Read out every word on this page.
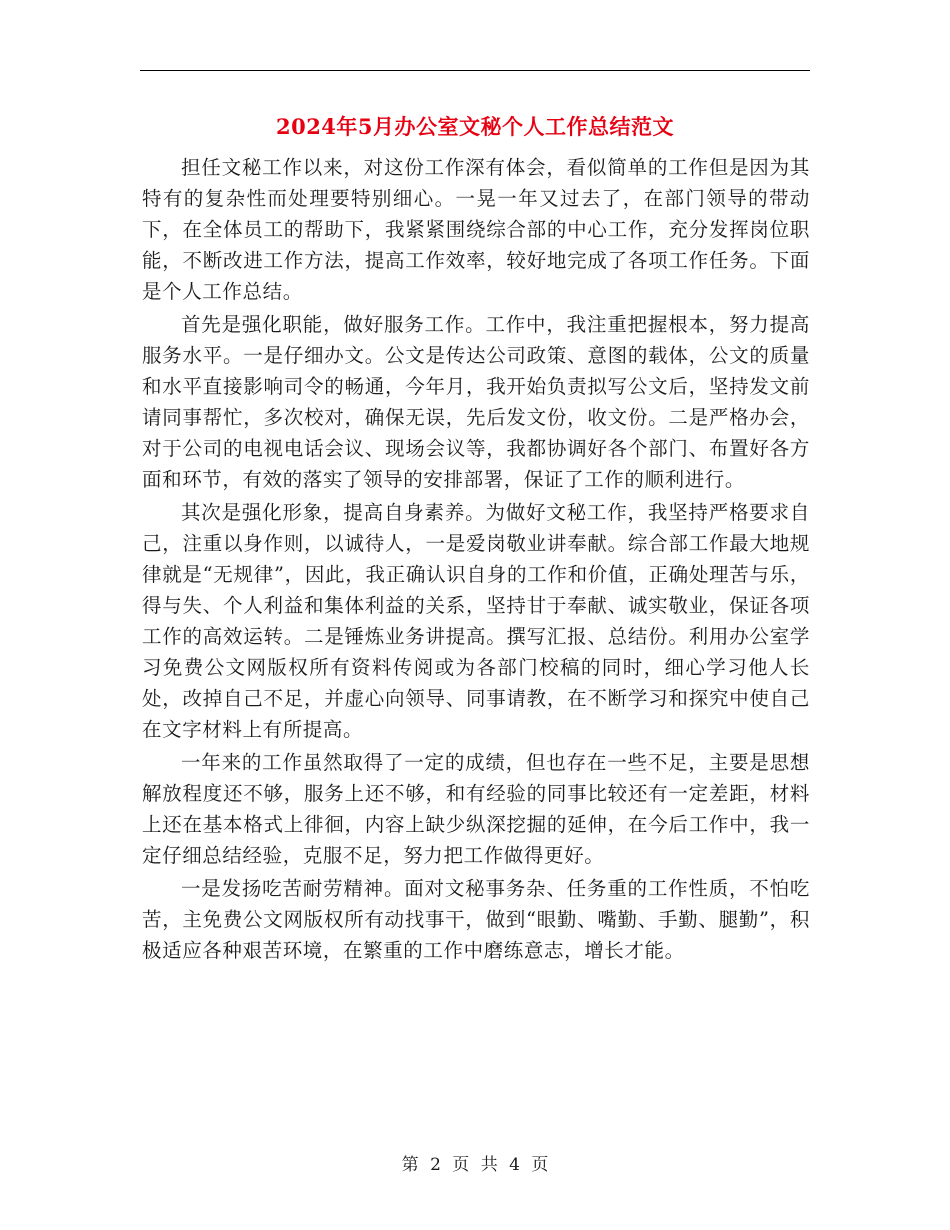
2024年5月办公室文秘个人工作总结范文

担任文秘工作以来，对这份工作深有体会，看似简单的工作但是因为其特有的复杂性而处理要特别细心。一晃一年又过去了，在部门领导的带动下，在全体员工的帮助下，我紧紧围绕综合部的中心工作，充分发挥岗位职能，不断改进工作方法，提高工作效率，较好地完成了各项工作任务。下面是个人工作总结。

首先是强化职能，做好服务工作。工作中，我注重把握根本，努力提高服务水平。一是仔细办文。公文是传达公司政策、意图的载体，公文的质量和水平直接影响司令的畅通，今年月，我开始负责拟写公文后，坚持发文前请同事帮忙，多次校对，确保无误，先后发文份，收文份。二是严格办会，对于公司的电视电话会议、现场会议等，我都协调好各个部门、布置好各方面和环节，有效的落实了领导的安排部署，保证了工作的顺利进行。

其次是强化形象，提高自身素养。为做好文秘工作，我坚持严格要求自己，注重以身作则，以诚待人，一是爱岗敬业讲奉献。综合部工作最大地规律就是“无规律”，因此，我正确认识自身的工作和价值，正确处理苦与乐，得与失、个人利益和集体利益的关系，坚持甘于奉献、诚实敬业，保证各项工作的高效运转。二是锤炼业务讲提高。撰写汇报、总结份。利用办公室学习免费公文网版权所有资料传阅或为各部门校稿的同时，细心学习他人长处，改掉自己不足，并虚心向领导、同事请教，在不断学习和探究中使自己在文字材料上有所提高。

一年来的工作虽然取得了一定的成绩，但也存在一些不足，主要是思想解放程度还不够，服务上还不够，和有经验的同事比较还有一定差距，材料上还在基本格式上徘徊，内容上缺少纵深挖掘的延伸，在今后工作中，我一定仔细总结经验，克服不足，努力把工作做得更好。

一是发扬吃苦耐劳精神。面对文秘事务杂、任务重的工作性质，不怕吃苦，主免费公文网版权所有动找事干，做到“眼勤、嘴勤、手勤、腿勤”，积极适应各种艰苦环境，在繁重的工作中磨练意志，增长才能。

第 2 页 共 4 页
